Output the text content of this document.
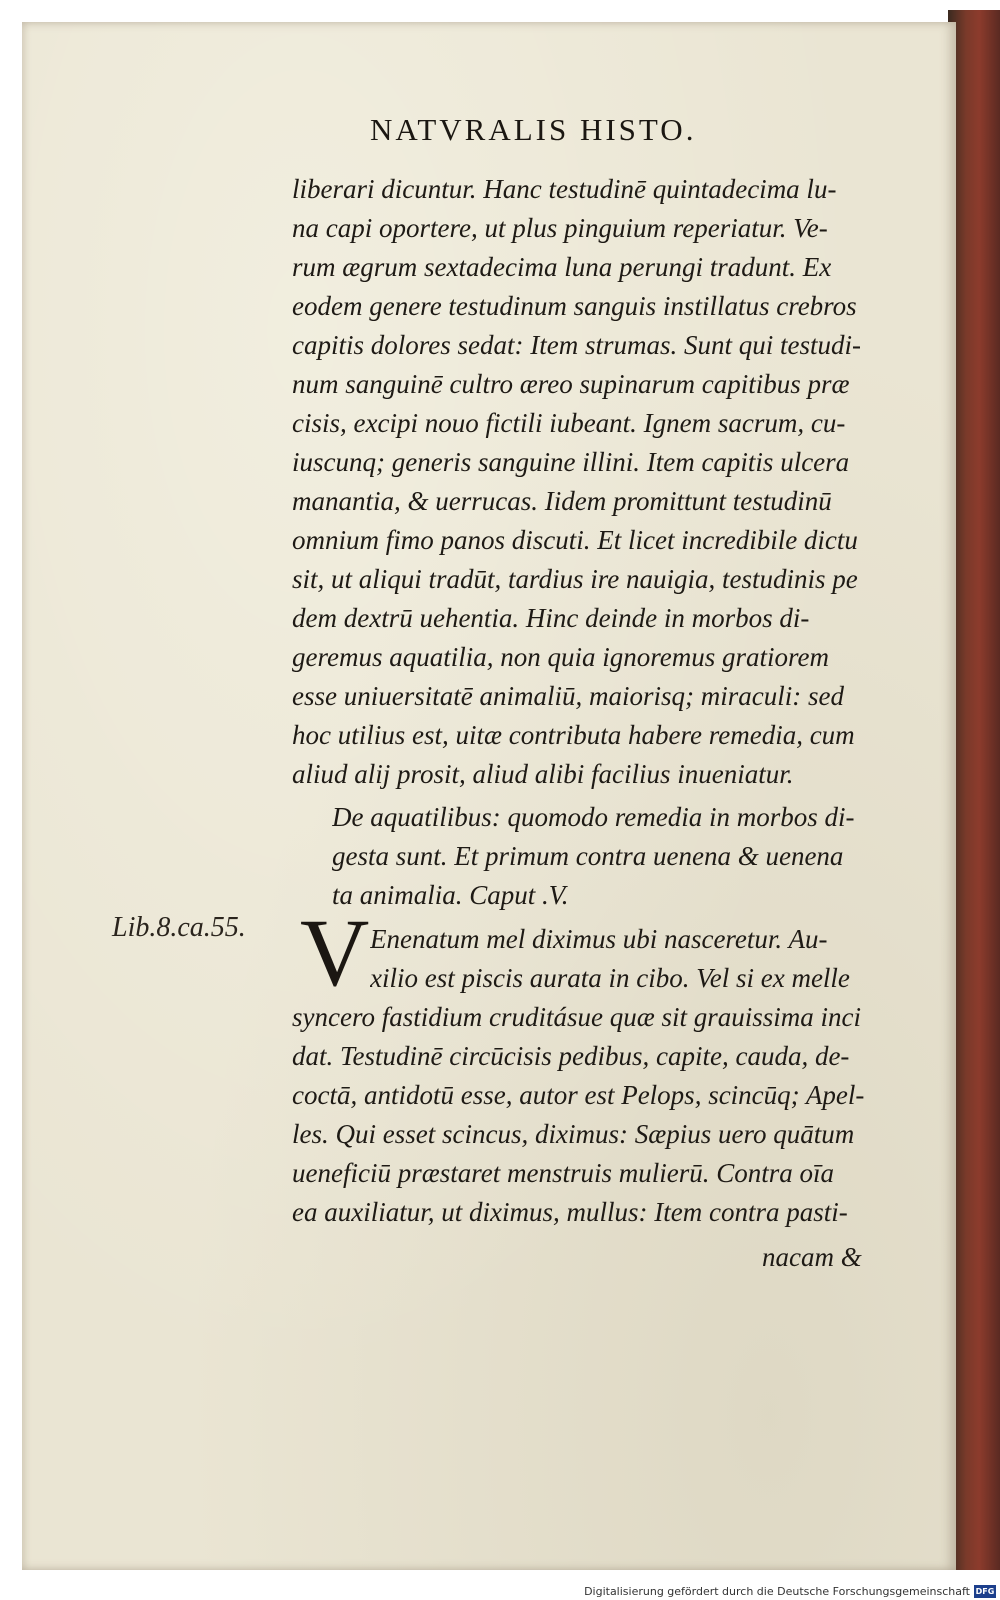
NATVRALIS HISTO.
Lib.8.ca.55. V
liberari dicuntur. Hanc testudinē quintadecima lu-
na capi oportere, ut plus pinguium reperiatur. Ve-
rum ægrum sextadecima luna perungi tradunt. Ex
eodem genere testudinum sanguis instillatus crebros
capitis dolores sedat: Item strumas. Sunt qui testudi-
num sanguinē cultro æreo supinarum capitibus præ
cisis, excipi nouo fictili iubeant. Ignem sacrum, cu-
iuscunq; generis sanguine illini. Item capitis ulcera
manantia, & uerrucas. Iidem promittunt testudinū
omnium fimo panos discuti. Et licet incredibile dictu
sit, ut aliqui tradūt, tardius ire nauigia, testudinis pe
dem dextrū uehentia. Hinc deinde in morbos di-
geremus aquatilia, non quia ignoremus gratiorem
esse uniuersitatē animaliū, maiorisq; miraculi: sed
hoc utilius est, uitæ contributa habere remedia, cum
aliud alij prosit, aliud alibi facilius inueniatur.
De aquatilibus: quomodo remedia in morbos di-
gesta sunt. Et primum contra uenena & uenena
ta animalia. Caput .V.
Enenatum mel diximus ubi nasceretur. Au-
xilio est piscis aurata in cibo. Vel si ex melle
syncero fastidium cruditásue quæ sit grauissima inci
dat. Testudinē circūcisis pedibus, capite, cauda, de-
coctā, antidotū esse, autor est Pelops, scincūq; Apel-
les. Qui esset scincus, diximus: Sæpius uero quātum
ueneficiū præstaret menstruis mulierū. Contra oīa
ea auxiliatur, ut diximus, mullus: Item contra pasti-
nacam &
Digitalisierung gefördert durch die Deutsche Forschungsgemeinschaft DFG
